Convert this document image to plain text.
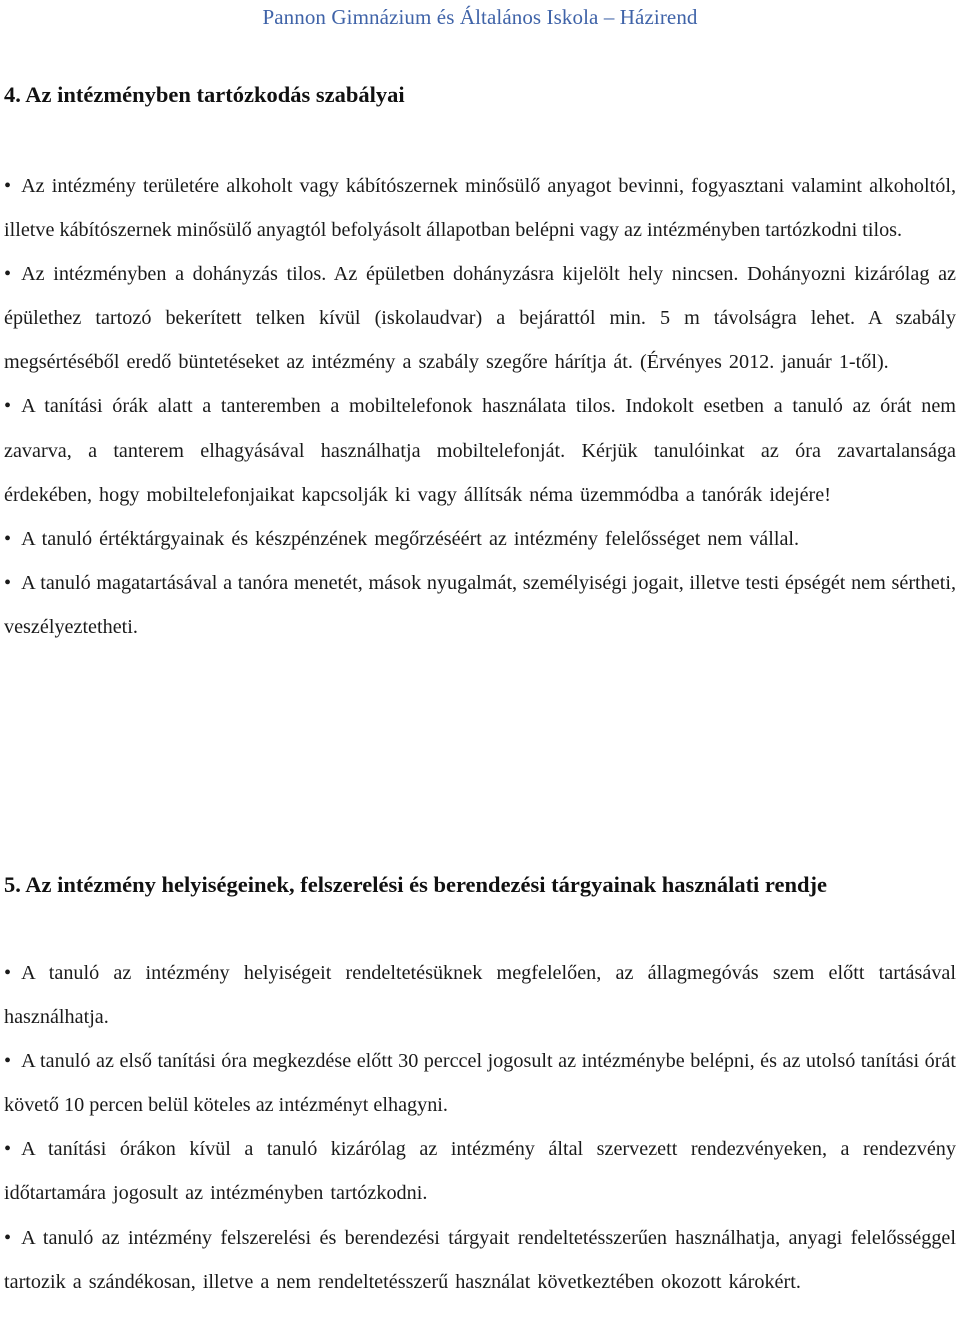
Pannon Gimnázium és Általános Iskola – Házirend
4. Az intézményben tartózkodás szabályai

• Az intézmény területére alkoholt vagy kábítószernek minősülő anyagot bevinni, fogyasztani valamint alkoholtól, illetve kábítószernek minősülő anyagtól befolyásolt állapotban belépni vagy az intézményben tartózkodni tilos.

• Az intézményben a dohányzás tilos. Az épületben dohányzásra kijelölt hely nincsen. Dohányozni kizárólag az épülethez tartozó bekerített telken kívül (iskolaudvar) a bejárattól min. 5 m távolságra lehet. A szabály megsértéséből eredő büntetéseket az intézmény a szabály szegőre hárítja át. (Érvényes 2012. január 1-től).

• A tanítási órák alatt a tanteremben a mobiltelefonok használata tilos. Indokolt esetben a tanuló az órát nem zavarva, a tanterem elhagyásával használhatja mobiltelefonját. Kérjük tanulóinkat az óra zavartalansága érdekében, hogy mobiltelefonjaikat kapcsolják ki vagy állítsák néma üzemmódba a tanórák idejére!

• A tanuló értéktárgyainak és készpénzének megőrzéséért az intézmény felelősséget nem vállal.

• A tanuló magatartásával a tanóra menetét, mások nyugalmát, személyiségi jogait, illetve testi épségét nem sértheti, veszélyeztetheti.

5. Az intézmény helyiségeinek, felszerelési és berendezési tárgyainak használati rendje

• A tanuló az intézmény helyiségeit rendeltetésüknek megfelelően, az állagmegóvás szem előtt tartásával használhatja.

• A tanuló az első tanítási óra megkezdése előtt 30 perccel jogosult az intézménybe belépni, és az utolsó tanítási órát követő 10 percen belül köteles az intézményt elhagyni.

• A tanítási órákon kívül a tanuló kizárólag az intézmény által szervezett rendezvényeken, a rendezvény időtartamára jogosult az intézményben tartózkodni.

• A tanuló az intézmény felszerelési és berendezési tárgyait rendeltetésszerűen használhatja, anyagi felelősséggel tartozik a szándékosan, illetve a nem rendeltetésszerű használat következtében okozott károkért.
